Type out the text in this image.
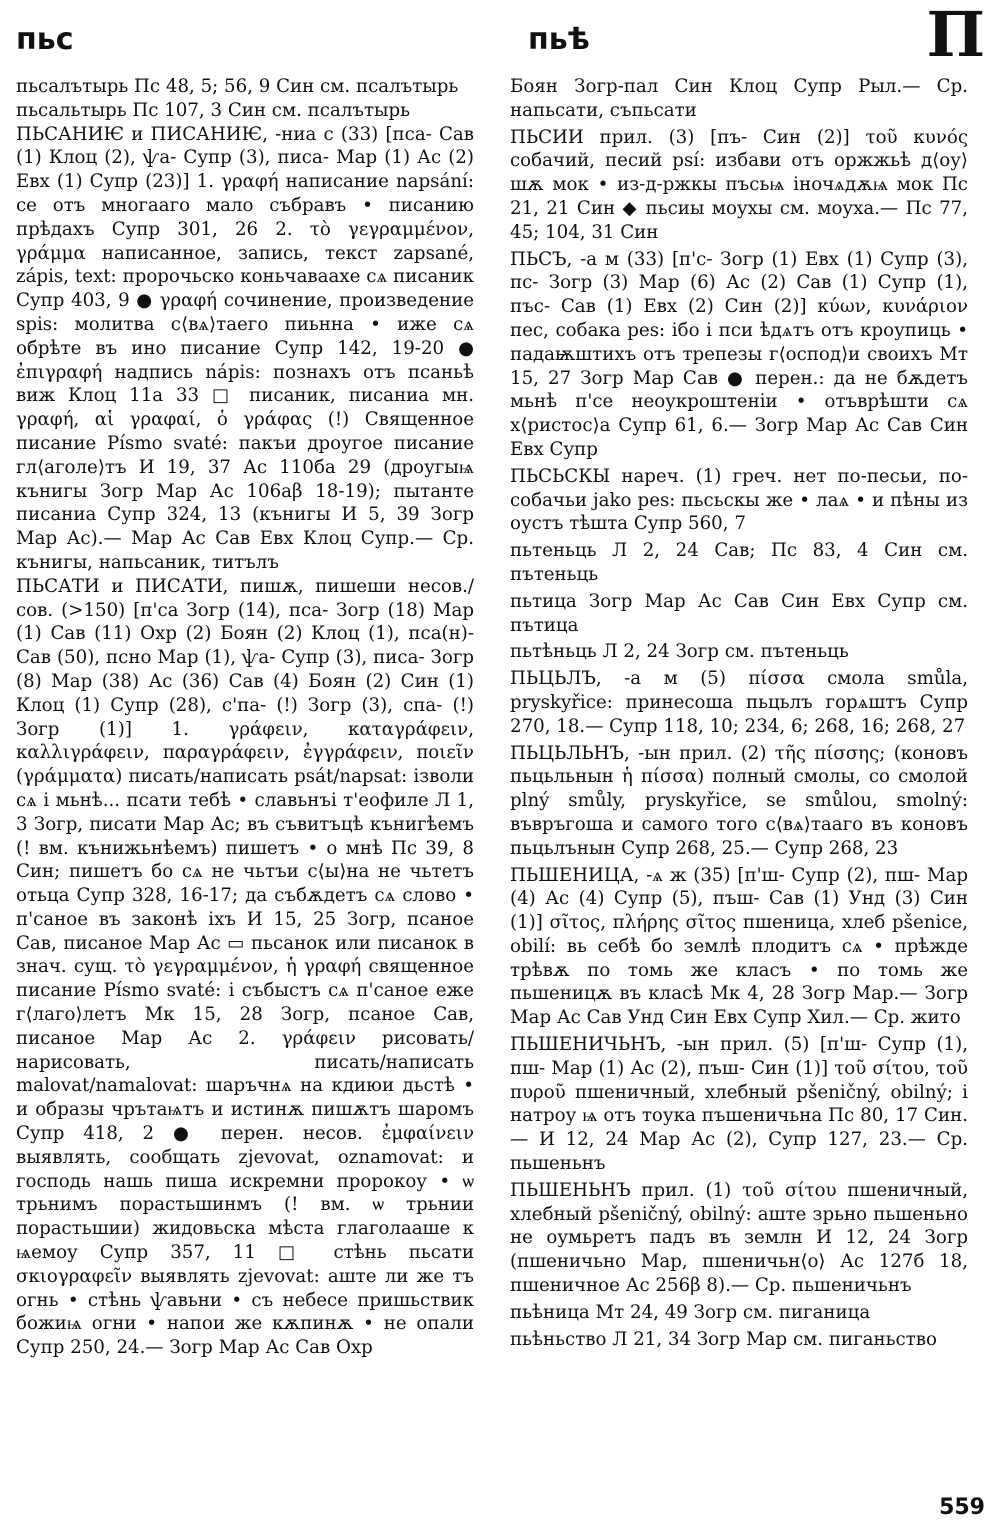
пьс	пьѣ	П

пьсалътырь Пс 48, 5; 56, 9 Син см. псалътырь

пьсальтырь Пс 107, 3 Син см. псалътырь

ПЬСАНИѤ и ПИСАНИѤ, -ниа с (33) [пса- Сав (1) Клоц (2), ѱа- Супр (3), писа- Мар (1) Ас (2) Евх (1) Супр (23)] 1. γραφή написание napsání: се отъ многааго мало събравъ • писанию прѣдахъ Супр 301, 26 2. τὸ γεγραμμένον, γράμμα написанное, запись, текст zapsané, zápis, text: пророчьско коньчаваахе сѧ писаник Супр 403, 9 ● γραφή сочинение, произведение spis: молитва с⟨вѧ⟩таего пиьнна • иже сѧ обрѣте въ ино писание Супр 142, 19-20 ● ἐπιγραφή надпись nápis: познахъ отъ псаньѣ виж Клоц 11а 33 □ писаник, писаниа мн. γραφή, αἱ γραφαί, ὁ γράφας (!) Священное писание Písmo svaté: пакъи дроугое писание гл⟨аголе⟩тъ И 19, 37 Ас 110ба 29 (дроугыѩ кънигы Зогр Мар Ас 106аβ 18-19); пытанте писаниа Супр 324, 13 (кънигы И 5, 39 Зогр Мар Ас).— Мар Ас Сав Евх Клоц Супр.— Ср. кънигы, напьсаник, титълъ

ПЬСАТИ и ПИСАТИ, пишѫ, пишеши несов./сов. (>150) [п'са Зогр (14), пса- Зогр (18) Мар (1) Сав (11) Охр (2) Боян (2) Клоц (1), пса(н)- Сав (50), псно Мар (1), ѱа- Супр (3), писа- Зогр (8) Мар (38) Ас (36) Сав (4) Боян (2) Син (1) Клоц (1) Супр (28), с'па- (!) Зогр (3), спа- (!) Зогр (1)] 1. γράφειν, καταγράφειν, καλλιγράφειν, παραγράφειν, ἐγγράφειν, ποιεῖν (γράμματα) писать/написать psát/napsat: ізволи сѧ і мьнѣ... псати тебѣ • славьнъі т'еофиле Л 1, 3 Зогр, писати Мар Ас; въ съвитъцѣ кънигѣемъ (! вм. кънижьнѣемъ) пишетъ • о мнѣ Пс 39, 8 Син; пишетъ бо сѧ не чьтъи с⟨ы⟩на не чьтетъ отьца Супр 328, 16-17; да събѫдетъ сѧ слово • п'саное въ законѣ іхъ И 15, 25 Зогр, псаное Сав, писаное Мар Ас ▭ пьсанок или писанок в знач. сущ. τὸ γεγραμμένον, ἡ γραφή священное писание Písmo svaté: і събыстъ сѧ п'саное еже г⟨лаго⟩летъ Мк 15, 28 Зогр, псаное Сав, писаное Мар Ас 2. γράφειν рисовать/нарисовать, писать/написать malovat/namalovat: шаръчнѧ на кдиюи дьстѣ • и образы чрътаѩтъ и истинѫ пишѫтъ шаромъ Супр 418, 2 ● перен. несов. ἐμφαίνειν выявлять, сообщать zjevovat, oznamovat: и господь нашь пиша искремни пророкоу • ѡ трьнимъ порастьшинмъ (! вм. ѡ трьнии порастьшии) жидовьска мѣста глаголааше к ѩемоу Супр 357, 11 □ стѣнь пьсати σκιογραφεῖν выявлять zjevovat: аште ли же тъ огнь • стѣнь ѱавьни • съ небесе пришьствик божиѩ огни • напои же кѫпинѫ • не опали Супр 250, 24.— Зогр Мар Ас Сав Охр

Боян Зогр-пал Син Клоц Супр Рыл.— Ср. напьсати, съпьсати

ПЬСИИ прил. (3) [пъ- Син (2)] τοῦ κυνός собачий, песий psí: избави отъ оржжьѣ д⟨оу⟩шѫ мок • из-д-ржкы пъсьѩ іночѧдѫѩ мок Пс 21, 21 Син ◆ пьсиы моухы см. моуха.— Пс 77, 45; 104, 31 Син

ПЬСЪ, -а м (33) [п'с- Зогр (1) Евх (1) Супр (3), пс- Зогр (3) Мар (6) Ас (2) Сав (1) Супр (1), пъс- Сав (1) Евх (2) Син (2)] κύων, κυνάριον пес, собака pes: ібо і пси ѣдѧтъ отъ кроупиць • падаѭштихъ отъ трепезы г⟨оспод⟩и своихъ Мт 15, 27 Зогр Мар Сав ● перен.: да не бѫдетъ мьнѣ п'се неоукроштенiи • отъврѣшти сѧ х⟨ристос⟩а Супр 61, 6.— Зогр Мар Ас Сав Син Евх Супр

ПЬСЬСКЫ нареч. (1) греч. нет по-песьи, по-собачьи jako pes: пьсьскы же • лаѧ • и пѣны из оустъ тѣшта Супр 560, 7

пьтеньць Л 2, 24 Сав; Пс 83, 4 Син см. пътеньць

пьтица Зогр Мар Ас Сав Син Евх Супр см. пътица

пьтѣньць Л 2, 24 Зогр см. пътеньць

ПЬЦЬЛЪ, -а м (5) πίσσα смола smůla, pryskyřice: принесоша пьцьлъ горѧштъ Супр 270, 18.— Супр 118, 10; 234, 6; 268, 16; 268, 27

ПЬЦЬЛЬНЪ, -ын прил. (2) τῆς πίσσης; (коновъ пьцьльнын ἡ πίσσα) полный смолы, со смолой plný smůly, pryskyřice, se smůlou, smolný: въвръгоша и самого того с⟨вѧ⟩тааго въ коновъ пьцьлънын Супр 268, 25.— Супр 268, 23

ПЬШЕНИЦА, -ѧ ж (35) [п'ш- Супр (2), пш- Мар (4) Ас (4) Супр (5), пъш- Сав (1) Унд (3) Син (1)] σῖτος, πλήρης σῖτος пшеница, хлеб pšenice, obilí: вь себѣ бо землѣ плодитъ сѧ • прѣжде трѣвѫ по томь же класъ • по томь же пьшеницѫ въ класѣ Мк 4, 28 Зогр Мар.— Зогр Мар Ас Сав Унд Син Евх Супр Хил.— Ср. жито

ПЬШЕНИЧЬНЪ, -ын прил. (5) [п'ш- Супр (1), пш- Мар (1) Ас (2), пъш- Син (1)] τοῦ σίτου, τοῦ πυροῦ пшеничный, хлебный pšeničný, obilný; і натроу ѩ отъ тоука пъшеничьна Пс 80, 17 Син.— И 12, 24 Мар Ас (2), Супр 127, 23.— Ср. пьшеньнъ

ПЬШЕНЬНЪ прил. (1) τοῦ σίτου пшеничный, хлебный pšeničný, obilný: аште зрьно пьшеньно не оумьретъ падъ въ землн И 12, 24 Зогр (пшеничьно Мар, пшеничьн⟨о⟩ Ас 127б 18, пшеничное Ас 256β 8).— Ср. пьшеничьнъ

пьѣница Мт 24, 49 Зогр см. пиганица

пьѣньство Л 21, 34 Зогр Мар см. пиганьство

559
